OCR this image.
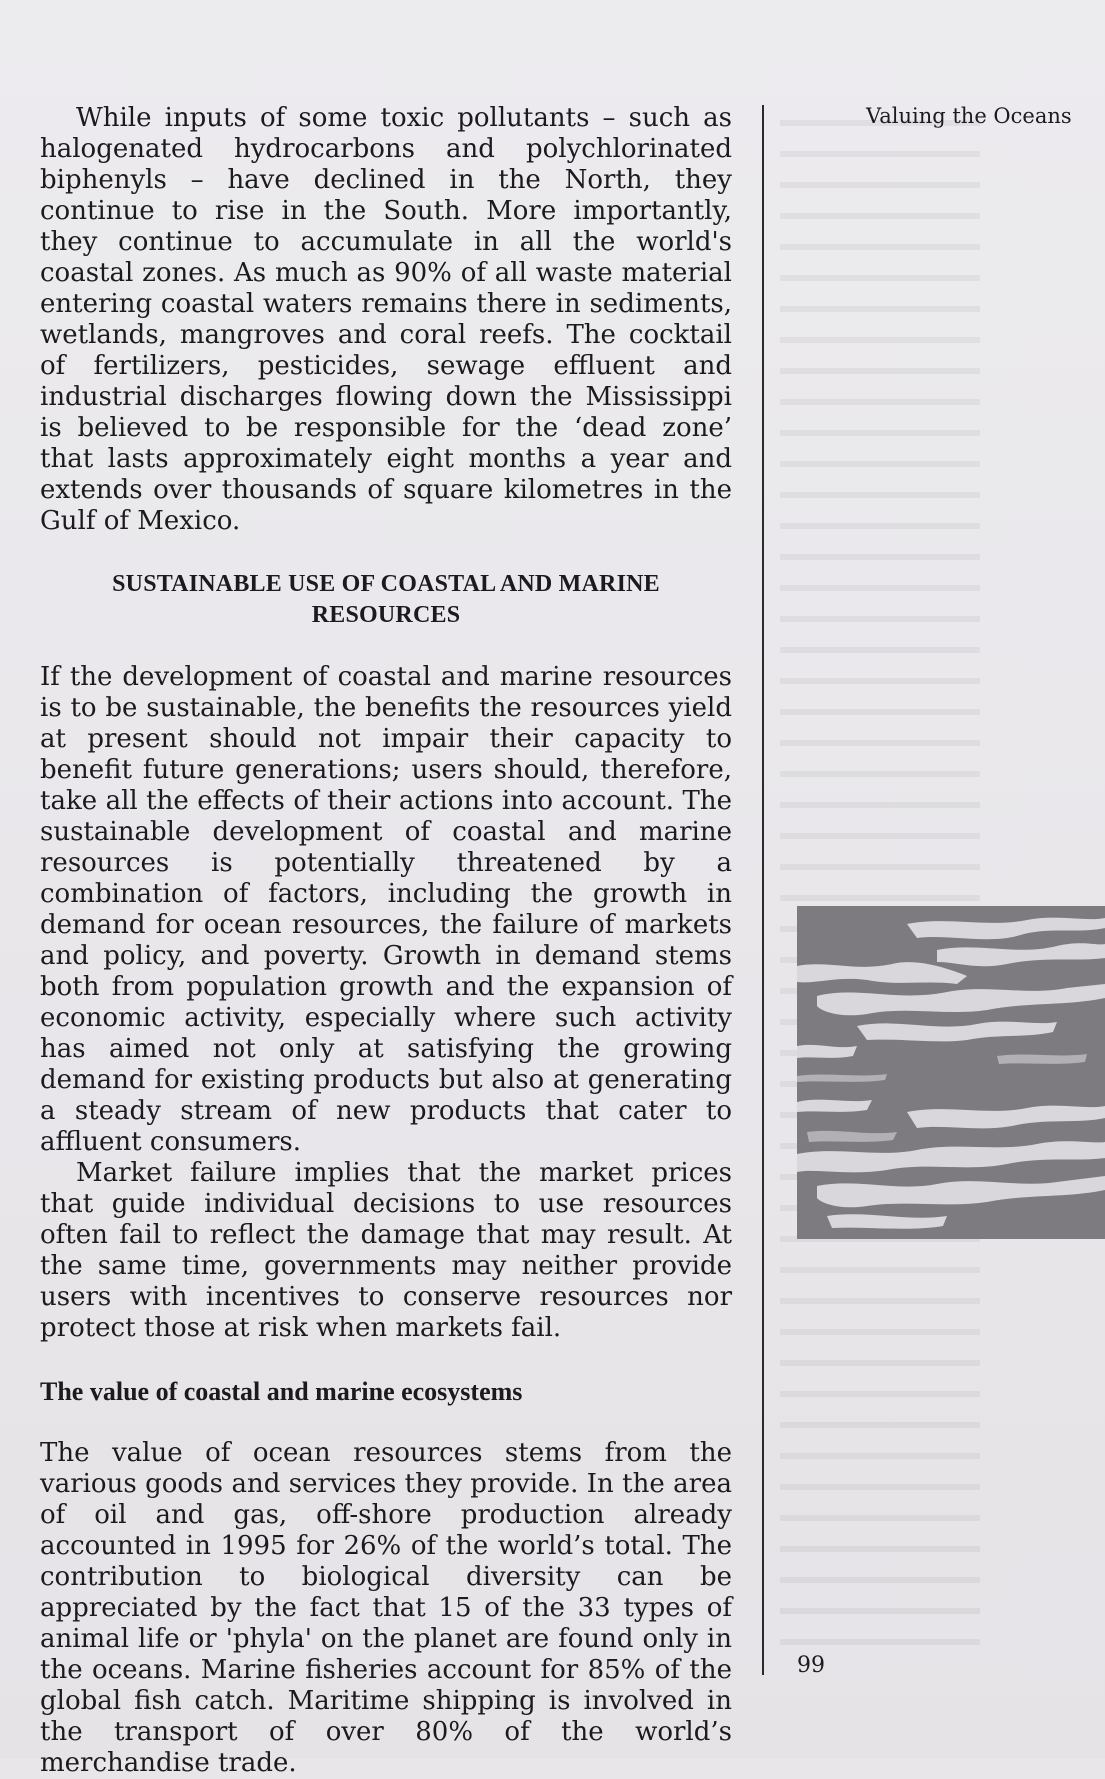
While inputs of some toxic pollutants – such as halogenated hydrocarbons and polychlorinated biphenyls – have declined in the North, they continue to rise in the South. More importantly, they continue to accumulate in all the world's coastal zones. As much as 90% of all waste material entering coastal waters remains there in sediments, wetlands, mangroves and coral reefs. The cocktail of fertilizers, pesticides, sewage effluent and industrial discharges flowing down the Mississippi is believed to be responsible for the ‘dead zone’ that lasts approximately eight months a year and extends over thousands of square kilometres in the Gulf of Mexico.

SUSTAINABLE USE OF COASTAL AND MARINE
RESOURCES

If the development of coastal and marine resources is to be sustainable, the benefits the resources yield at present should not impair their capacity to benefit future generations; users should, therefore, take all the effects of their actions into account. The sustainable development of coastal and marine resources is potentially threatened by a combination of factors, including the growth in demand for ocean resources, the failure of markets and policy, and poverty. Growth in demand stems both from population growth and the expansion of economic activity, especially where such activity has aimed not only at satisfying the growing demand for existing products but also at generating a steady stream of new products that cater to affluent consumers.

Market failure implies that the market prices that guide individual decisions to use resources often fail to reflect the damage that may result. At the same time, governments may neither provide users with incentives to conserve resources nor protect those at risk when markets fail.

The value of coastal and marine ecosystems

The value of ocean resources stems from the various goods and services they provide. In the area of oil and gas, off-shore production already accounted in 1995 for 26% of the world’s total. The contribution to biological diversity can be appreciated by the fact that 15 of the 33 types of animal life or 'phyla' on the planet are found only in the oceans. Marine fisheries account for 85% of the global fish catch. Maritime shipping is involved in the transport of over 80% of the world’s merchandise trade.

Valuing the Oceans
99
